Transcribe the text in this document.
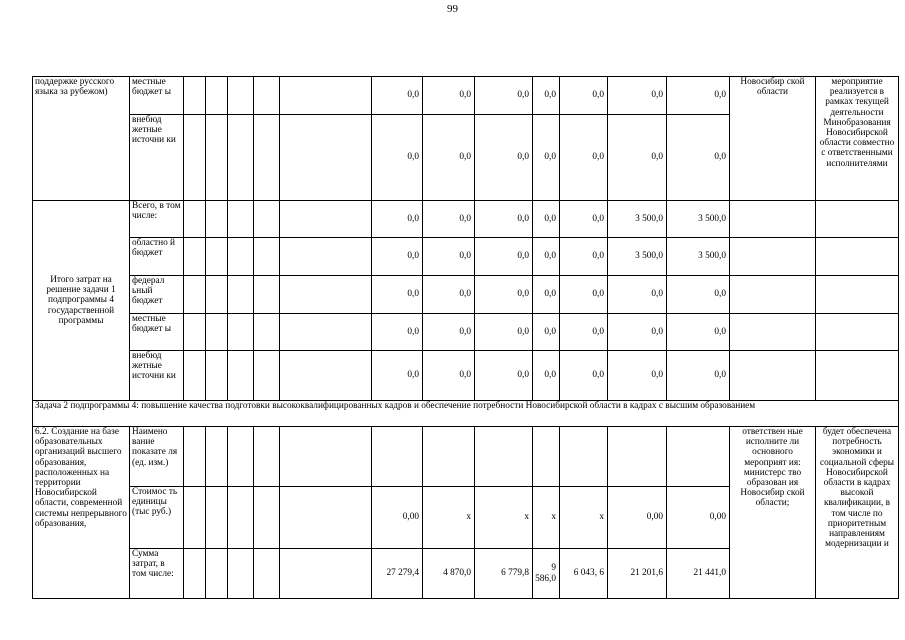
99
поддержке русского языка за рубежом)	местные бюджет ы						0,0	0,0	0,0	0,0	0,0	0,0	0,0	Новосибир ской области	мероприятие реализуется в рамках текущей деятельности Минобразования Новосибирской области совместно с ответственными исполнителями
	внебюд жетные источни ки						0,0	0,0	0,0	0,0	0,0	0,0	0,0		
Итого затрат на решение задачи 1 подпрограммы 4 государственной программы	Всего, в том числе:						0,0	0,0	0,0	0,0	0,0	3 500,0	3 500,0		
	областно й бюджет						0,0	0,0	0,0	0,0	0,0	3 500,0	3 500,0		
	федерал ьный бюджет						0,0	0,0	0,0	0,0	0,0	0,0	0,0		
	местные бюджет ы						0,0	0,0	0,0	0,0	0,0	0,0	0,0		
	внебюд жетные источни ки						0,0	0,0	0,0	0,0	0,0	0,0	0,0		
Задача 2 подпрограммы 4: повышение качества подготовки высококвалифицированных кадров и обеспечение потребности Новосибирской области в кадрах с высшим образованием															
6.2. Создание на базе образовательных организаций высшего образования, расположенных на территории Новосибирской области, современной системы непрерывного образования,	Наимено вание показате ля (ед. изм.)													ответствен ные исполните ли основного мероприят ия: министерс тво образован ия Новосибир ской области;	будет обеспечена потребность экономики и социальной сферы Новосибирской области в кадрах высокой квалификации, в том числе по приоритетным направлениям модернизации и
	Стоимос ть единицы (тыс руб.)						0,00	х	х	х	х	0,00	0,00		
	Сумма затрат, в том числе:						27 279,4	4 870,0	6 779,8	9 586,0	6 043, 6	21 201,6	21 441,0		
